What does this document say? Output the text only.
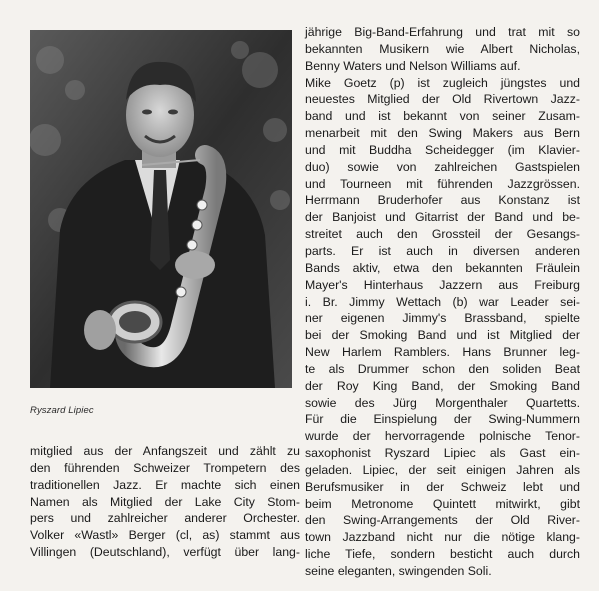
Ryszard Lipiec
mitglied aus der Anfangszeit und zählt zu
den führenden Schweizer Trompetern des
traditionellen Jazz. Er machte sich einen
Namen als Mitglied der Lake City Stom-
pers und zahlreicher anderer Orchester.
Volker «Wastl» Berger (cl, as) stammt aus
Villingen (Deutschland), verfügt über lang-
jährige Big-Band-Erfahrung und trat mit so
bekannten Musikern wie Albert Nicholas,
Benny Waters und Nelson Williams auf.
Mike Goetz (p) ist zugleich jüngstes und
neuestes Mitglied der Old Rivertown Jazz-
band und ist bekannt von seiner Zusam-
menarbeit mit den Swing Makers aus Bern
und mit Buddha Scheidegger (im Klavier-
duo) sowie von zahlreichen Gastspielen
und Tourneen mit führenden Jazzgrössen.
Herrmann Bruderhofer aus Konstanz ist
der Banjoist und Gitarrist der Band und be-
streitet auch den Grossteil der Gesangs-
parts. Er ist auch in diversen anderen
Bands aktiv, etwa den bekannten Fräulein
Mayer's Hinterhaus Jazzern aus Freiburg
i. Br. Jimmy Wettach (b) war Leader sei-
ner eigenen Jimmy's Brassband, spielte
bei der Smoking Band und ist Mitglied der
New Harlem Ramblers. Hans Brunner leg-
te als Drummer schon den soliden Beat
der Roy King Band, der Smoking Band
sowie des Jürg Morgenthaler Quartetts.
Für die Einspielung der Swing-Nummern
wurde der hervorragende polnische Tenor-
saxophonist Ryszard Lipiec als Gast ein-
geladen. Lipiec, der seit einigen Jahren als
Berufsmusiker in der Schweiz lebt und
beim Metronome Quintett mitwirkt, gibt
den Swing-Arrangements der Old River-
town Jazzband nicht nur die nötige klang-
liche Tiefe, sondern besticht auch durch
seine eleganten, swingenden Soli.
